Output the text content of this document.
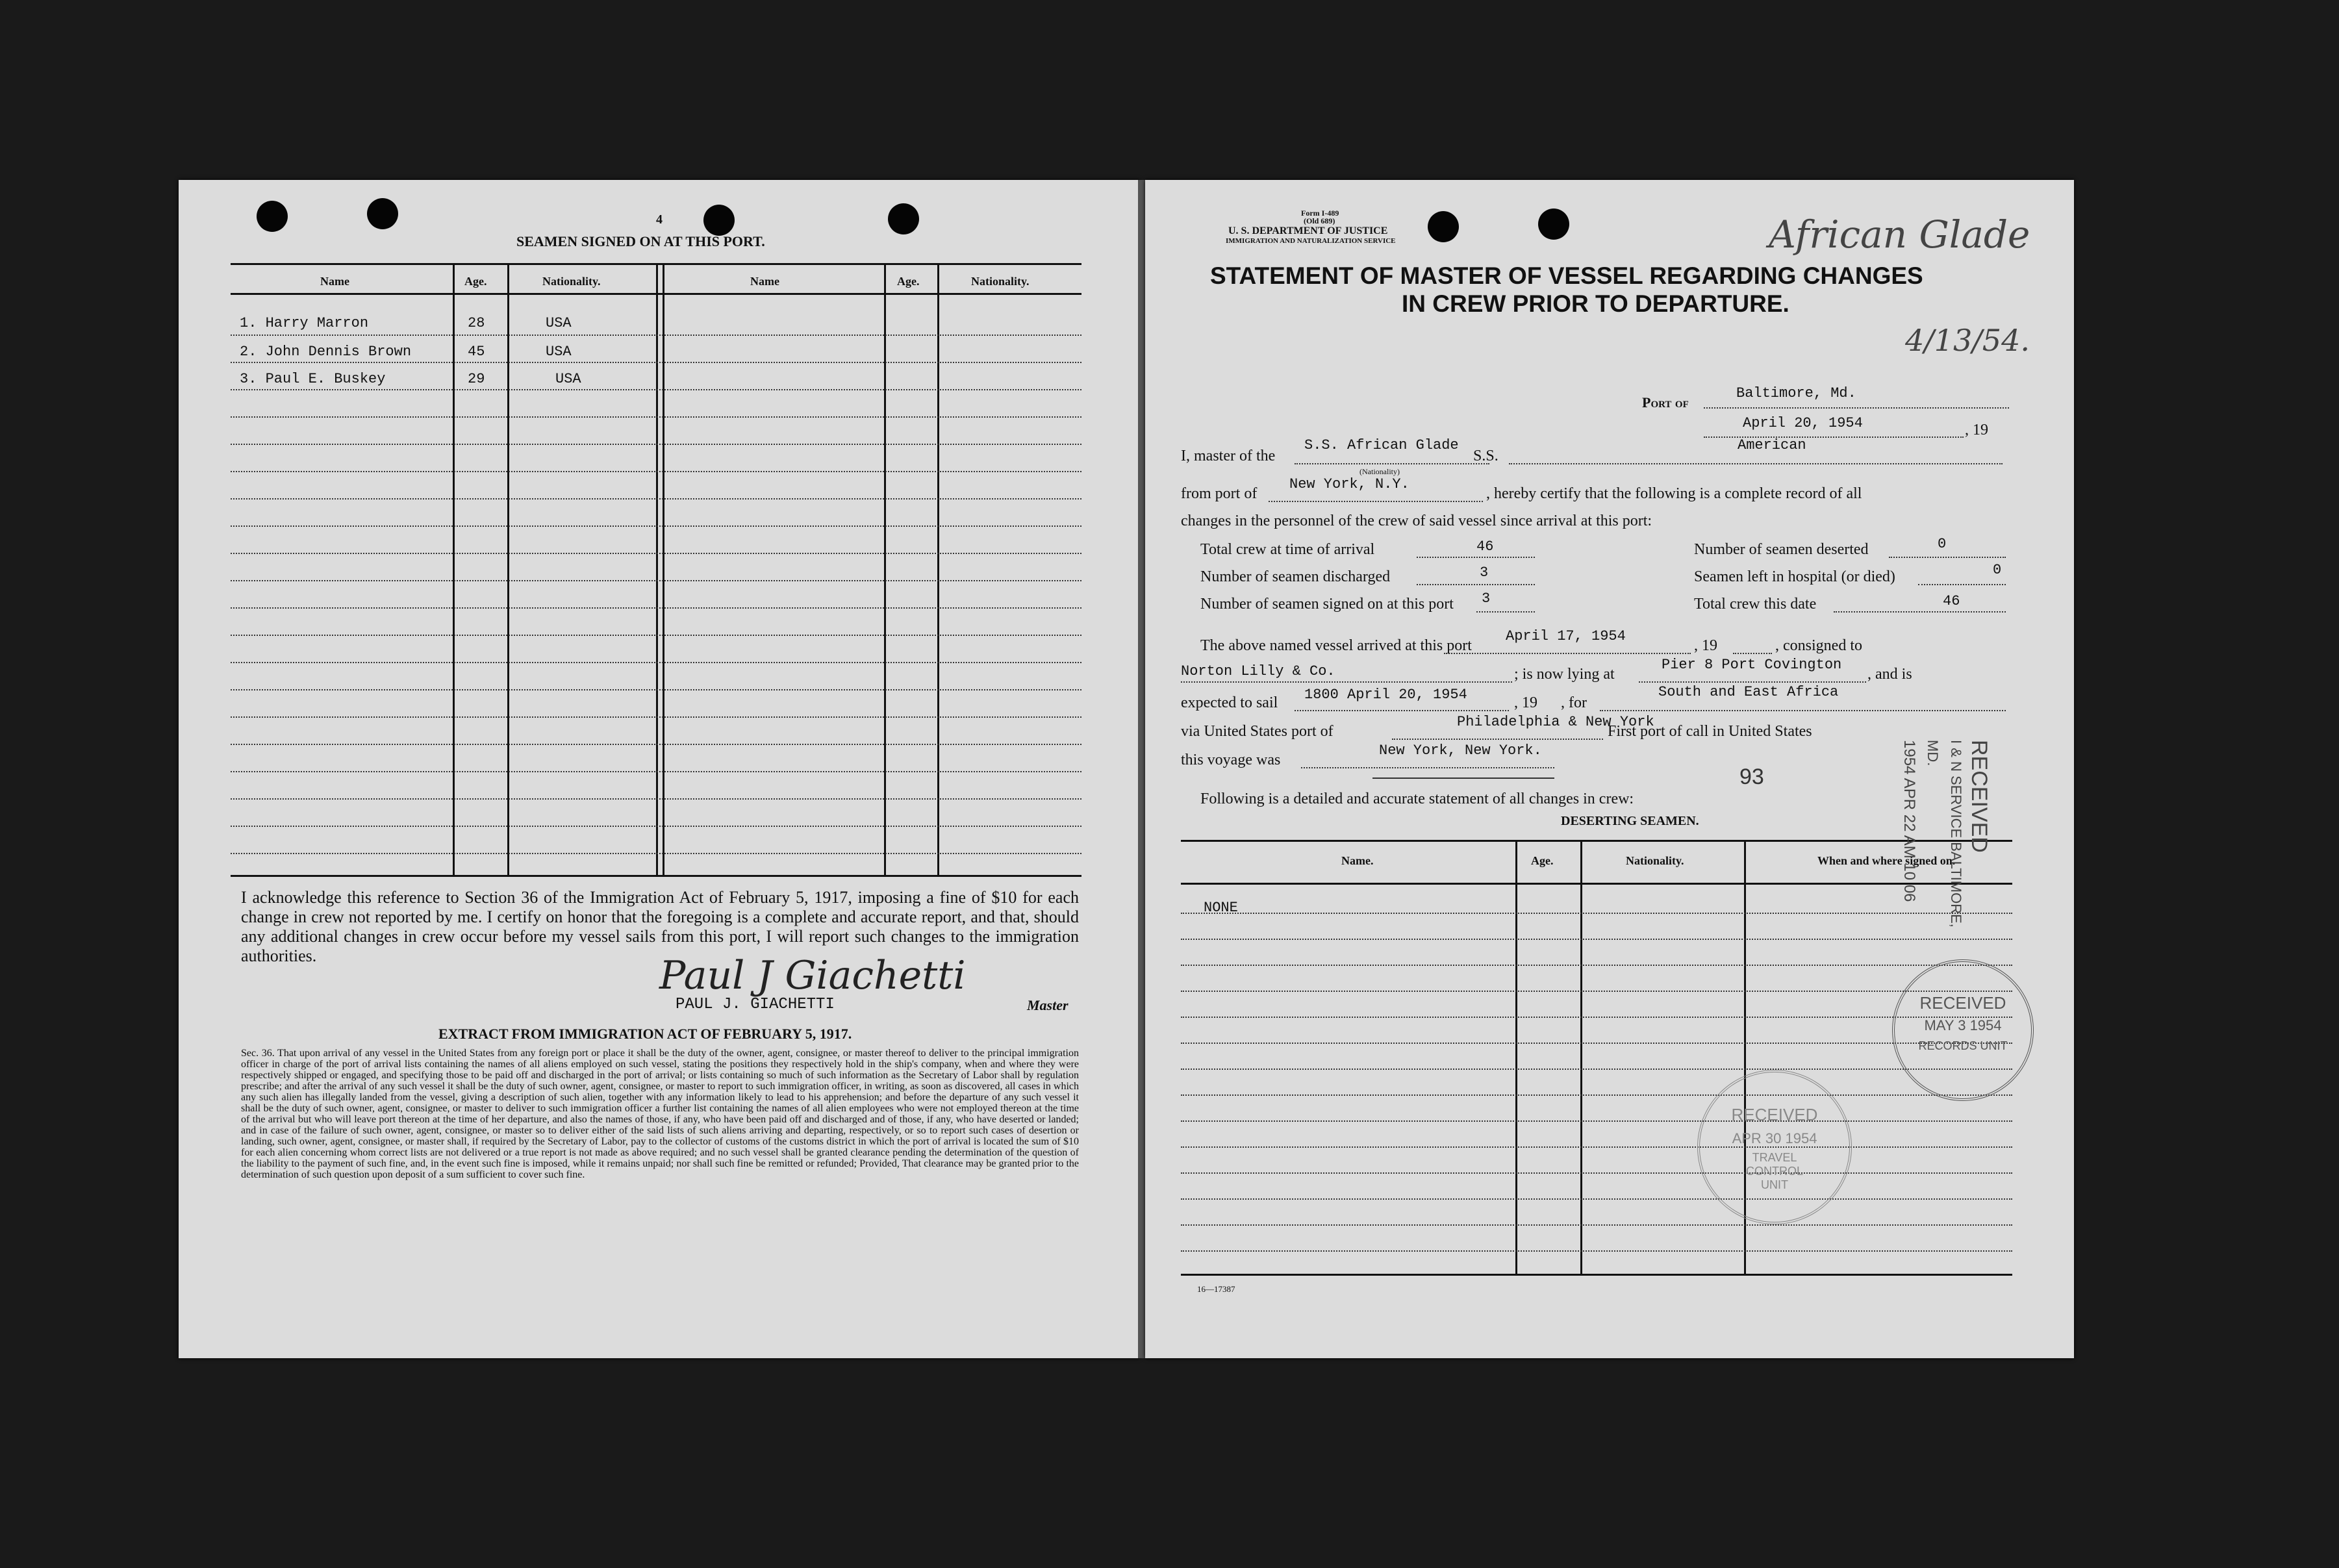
4
SEAMEN SIGNED ON AT THIS PORT.
Name	Age.	Nationality.	Name	Age.	Nationality.
1. Harry Marron	28	USA
2. John Dennis Brown	45	USA
3. Paul E. Buskey	29	USA
I acknowledge this reference to Section 36 of the Immigration Act of February 5, 1917, imposing a fine of $10 for each change in crew not reported by me. I certify on honor that the foregoing is a complete and accurate report, and that, should any additional changes in crew occur before my vessel sails from this port, I will report such changes to the immigration authorities.	Paul J Giachetti
PAUL J. GIACHETTI	Master
EXTRACT FROM IMMIGRATION ACT OF FEBRUARY 5, 1917.
Sec. 36. That upon arrival of any vessel in the United States from any foreign port or place it shall be the duty of the owner, agent, consignee, or master thereof to deliver to the principal immigration officer in charge of the port of arrival lists containing the names of all aliens employed on such vessel, stating the positions they respectively hold in the ship's company, when and where they were respectively shipped or engaged, and specifying those to be paid off and discharged in the port of arrival; or lists containing so much of such information as the Secretary of Labor shall by regulation prescribe; and after the arrival of any such vessel it shall be the duty of such owner, agent, consignee, or master to report to such immigration officer, in writing, as soon as discovered, all cases in which any such alien has illegally landed from the vessel, giving a description of such alien, together with any information likely to lead to his apprehension; and before the departure of any such vessel it shall be the duty of such owner, agent, consignee, or master to deliver to such immigration officer a further list containing the names of all alien employees who were not employed thereon at the time of the arrival but who will leave port thereon at the time of her departure, and also the names of those, if any, who have been paid off and discharged and of those, if any, who have deserted or landed; and in case of the failure of such owner, agent, consignee, or master so to deliver either of the said lists of such aliens arriving and departing, respectively, or so to report such cases of desertion or landing, such owner, agent, consignee, or master shall, if required by the Secretary of Labor, pay to the collector of customs of the customs district in which the port of arrival is located the sum of $10 for each alien concerning whom correct lists are not delivered or a true report is not made as above required; and no such vessel shall be granted clearance pending the determination of the question of the liability to the payment of such fine, and, in the event such fine is imposed, while it remains unpaid; nor shall such fine be remitted or refunded; Provided, That clearance may be granted prior to the determination of such question upon deposit of a sum sufficient to cover such fine.
Form I-489
(Old 689)
U. S. DEPARTMENT OF JUSTICE
IMMIGRATION AND NATURALIZATION SERVICE	African Glade
4/13/54.
STATEMENT OF MASTER OF VESSEL REGARDING CHANGES
IN CREW PRIOR TO DEPARTURE.
Port of
Baltimore, Md.
April 20, 1954	, 19
I, master of the
S.S. African Glade
S.S.
American
(Nationality)
from port of
New York, N.Y.
, hereby certify that the following is a complete record of all
changes in the personnel of the crew of said vessel since arrival at this port:
Total crew at time of arrival	46	Number of seamen deserted	0
Number of seamen discharged	3	Seamen left in hospital (or died)	0
Number of seamen signed on at this port 3	Total crew this date	46
The above named vessel arrived at this port
April 17, 1954
, 19	, consigned to
Norton Lilly & Co.	; is now lying at
Pier 8 Port Covington
, and is
expected to sail 1800 April 20, 1954	, 19 , for
South and East Africa
via United States port of
Philadelphia & New York
First port of call in United States
this voyage was
New York, New York.
93
Following is a detailed and accurate statement of all changes in crew:
DESERTING SEAMEN.
Name.	Age.	Nationality.	When and where signed on.
NONE
16—17387
RECEIVED
I & N SERVICE BALTIMORE, MD.
1954 APR 22 AM 10 06
RECEIVED
MAY 3 1954
RECORDS UNIT
RECEIVED
APR 30 1954
TRAVEL CONTROL UNIT
